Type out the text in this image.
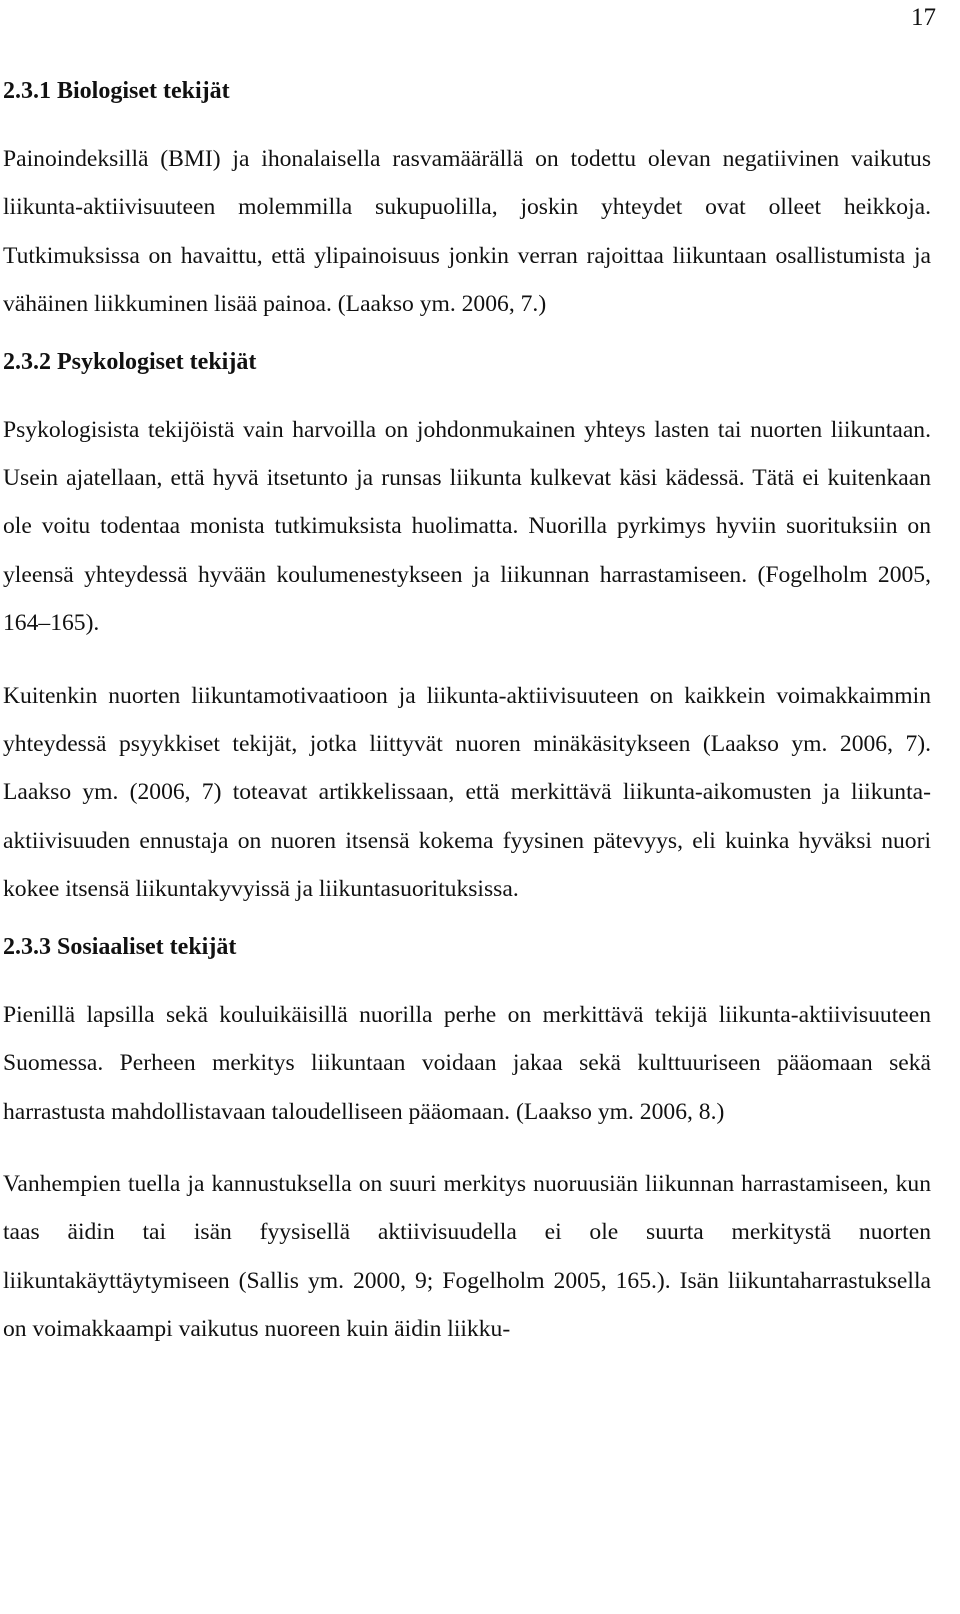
17
2.3.1 Biologiset tekijät

Painoindeksillä (BMI) ja ihonalaisella rasvamäärällä on todettu olevan negatiivinen vaikutus liikunta-aktiivisuuteen molemmilla sukupuolilla, joskin yhteydet ovat olleet heikkoja. Tutkimuksissa on havaittu, että ylipainoisuus jonkin verran rajoittaa liikuntaan osallistumista ja vähäinen liikkuminen lisää painoa. (Laakso ym. 2006, 7.)

2.3.2 Psykologiset tekijät

Psykologisista tekijöistä vain harvoilla on johdonmukainen yhteys lasten tai nuorten liikuntaan. Usein ajatellaan, että hyvä itsetunto ja runsas liikunta kulkevat käsi kädessä. Tätä ei kuitenkaan ole voitu todentaa monista tutkimuksista huolimatta. Nuorilla pyrkimys hyviin suorituksiin on yleensä yhteydessä hyvään koulumenestykseen ja liikunnan harrastamiseen. (Fogelholm 2005, 164–165).

Kuitenkin nuorten liikuntamotivaatioon ja liikunta-aktiivisuuteen on kaikkein voimakkaimmin yhteydessä psyykkiset tekijät, jotka liittyvät nuoren minäkäsitykseen (Laakso ym. 2006, 7). Laakso ym. (2006, 7) toteavat artikkelissaan, että merkittävä liikunta-aikomusten ja liikunta-aktiivisuuden ennustaja on nuoren itsensä kokema fyysinen pätevyys, eli kuinka hyväksi nuori kokee itsensä liikuntakyvyissä ja liikuntasuorituksissa.

2.3.3 Sosiaaliset tekijät

Pienillä lapsilla sekä kouluikäisillä nuorilla perhe on merkittävä tekijä liikunta-aktiivisuuteen Suomessa. Perheen merkitys liikuntaan voidaan jakaa sekä kulttuuriseen pääomaan sekä harrastusta mahdollistavaan taloudelliseen pääomaan. (Laakso ym. 2006, 8.)

Vanhempien tuella ja kannustuksella on suuri merkitys nuoruusiän liikunnan harrastamiseen, kun taas äidin tai isän fyysisellä aktiivisuudella ei ole suurta merkitystä nuorten liikuntakäyttäytymiseen (Sallis ym. 2000, 9; Fogelholm 2005, 165.). Isän liikuntaharrastuksella on voimakkaampi vaikutus nuoreen kuin äidin liikku-
